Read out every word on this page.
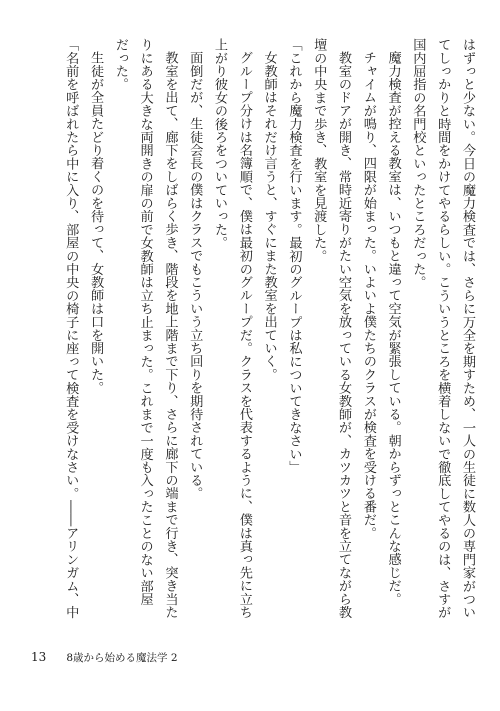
はずっと少ない。今日の魔力検査では、さらに万全を期すため、一人の生徒に数人の専門家がつい
てしっかりと時間をかけてやるらしい。こういうところを横着しないで徹底してやるのは、さすが
国内屈指の名門校といったところだった。
魔力検査が控える教室は、いつもと違って空気が緊張している。朝からずっとこんな感じだ。
チャイムが鳴り、四限が始まった。いよいよ僕たちのクラスが検査を受ける番だ。
教室のドアが開き、常時近寄りがたい空気を放っている女教師が、カツカツと音を立てながら教
壇の中央まで歩き、教室を見渡した。
「これから魔力検査を行います。最初のグループは私についてきなさい」
女教師はそれだけ言うと、すぐにまた教室を出ていく。
グループ分けは名簿順で、僕は最初のグループだ。クラスを代表するように、僕は真っ先に立ち
上がり彼女の後ろをついていった。
面倒だが、生徒会長の僕はクラスでもこういう立ち回りを期待されている。
教室を出て、廊下をしばらく歩き、階段を地上階まで下り、さらに廊下の端まで行き、突き当た
りにある大きな両開きの扉の前で女教師は立ち止まった。これまで一度も入ったことのない部屋
だった。
生徒が全員たどり着くのを待って、女教師は口を開いた。
「名前を呼ばれたら中に入り、部屋の中央の椅子に座って検査を受けなさい。――アリンガム、中
13 8歳から始める魔法学 2
